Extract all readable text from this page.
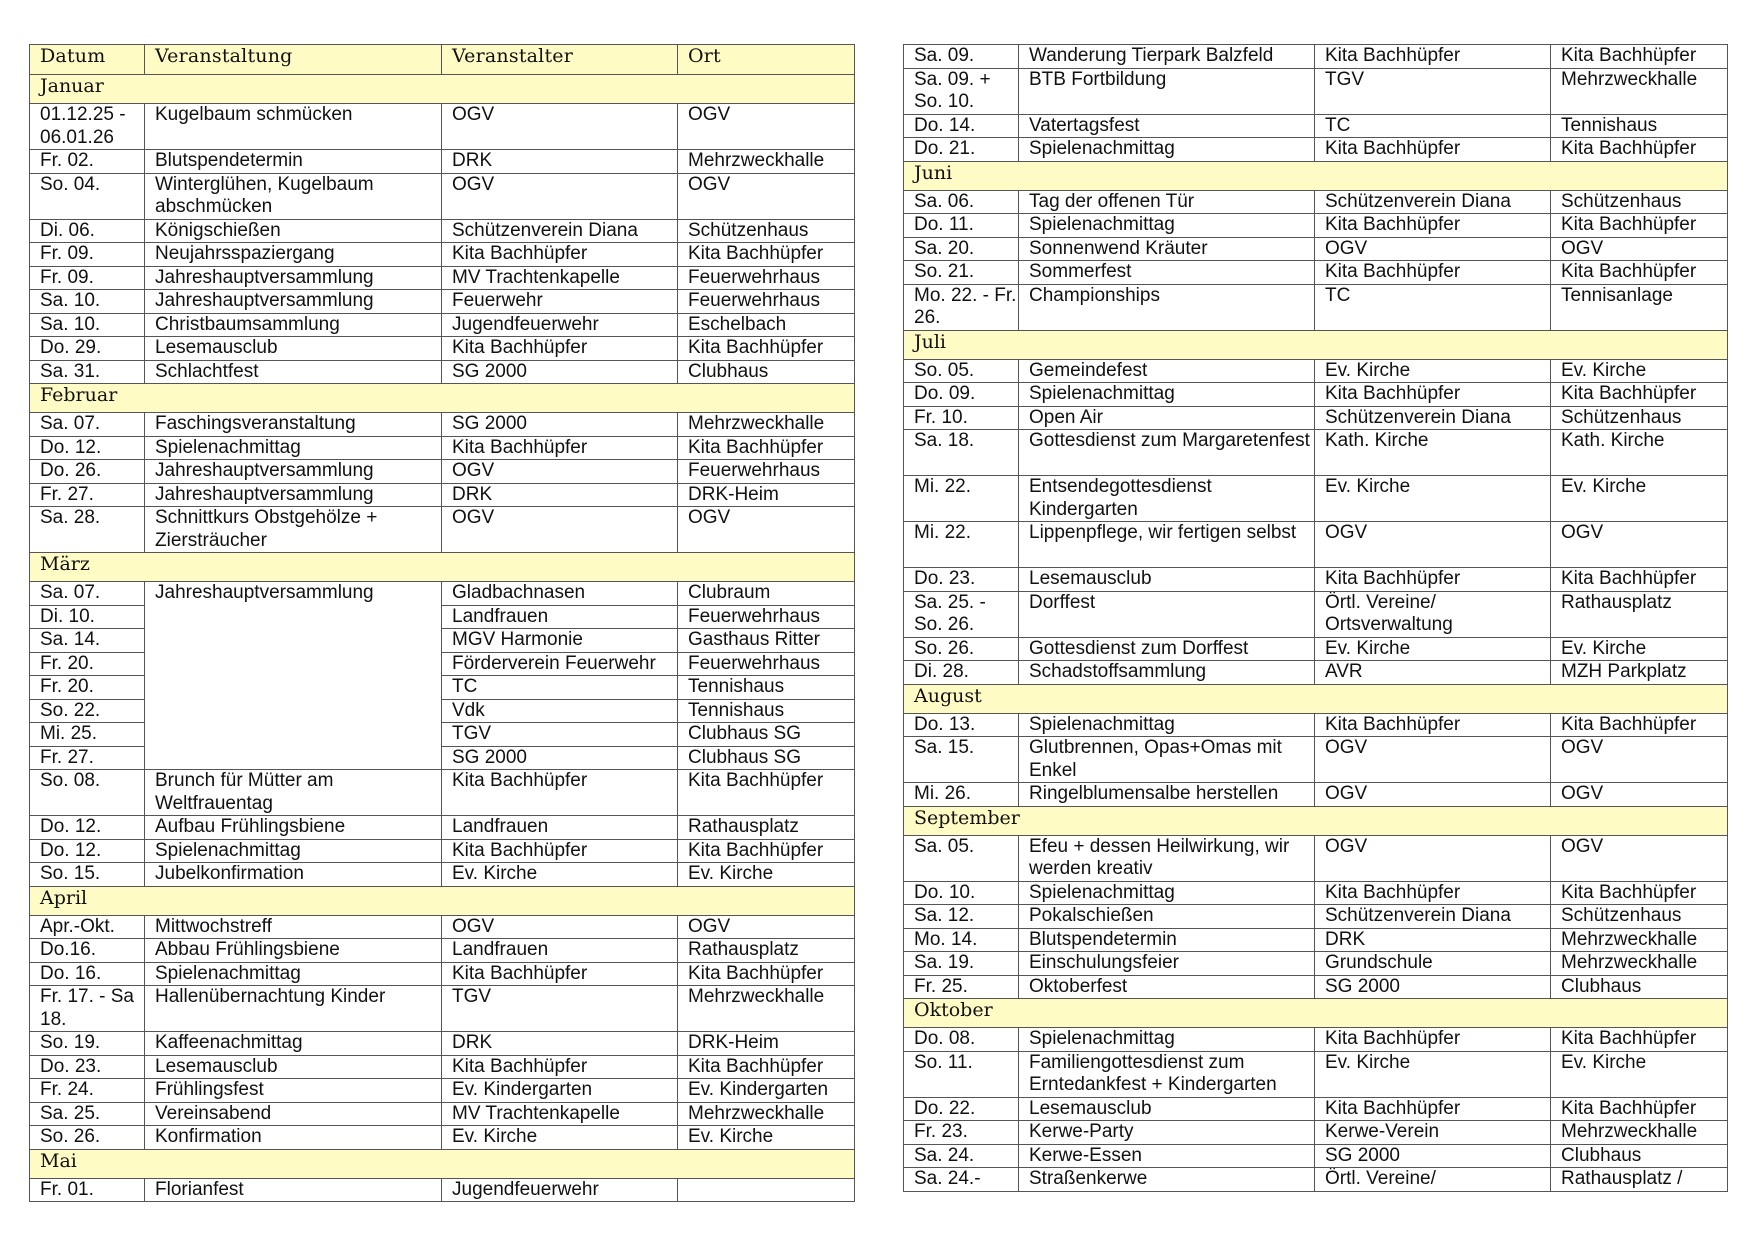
Datum	Veranstaltung	Veranstalter	Ort
Januar			
01.12.25 - 06.01.26	Kugelbaum schmücken	OGV	OGV
Fr. 02.	Blutspendetermin	DRK	Mehrzweckhalle
So. 04.	Winterglühen, Kugelbaum abschmücken	OGV	OGV
Di. 06.	Königschießen	Schützenverein Diana	Schützenhaus
Fr. 09.	Neujahrsspaziergang	Kita Bachhüpfer	Kita Bachhüpfer
Fr. 09.	Jahreshauptversammlung	MV Trachtenkapelle	Feuerwehrhaus
Sa. 10.	Jahreshauptversammlung	Feuerwehr	Feuerwehrhaus
Sa. 10.	Christbaumsammlung	Jugendfeuerwehr	Eschelbach
Do. 29.	Lesemausclub	Kita Bachhüpfer	Kita Bachhüpfer
Sa. 31.	Schlachtfest	SG 2000	Clubhaus
Februar			
Sa. 07.	Faschingsveranstaltung	SG 2000	Mehrzweckhalle
Do. 12.	Spielenachmittag	Kita Bachhüpfer	Kita Bachhüpfer
Do. 26.	Jahreshauptversammlung	OGV	Feuerwehrhaus
Fr. 27.	Jahreshauptversammlung	DRK	DRK-Heim
Sa. 28.	Schnittkurs Obstgehölze + Ziersträucher	OGV	OGV
März			
Sa. 07.	Jahreshauptversammlung	Gladbachnasen	Clubraum
Di. 10.		Landfrauen	Feuerwehrhaus
Sa. 14.		MGV Harmonie	Gasthaus Ritter
Fr. 20.		Förderverein Feuerwehr	Feuerwehrhaus
Fr. 20.		TC	Tennishaus
So. 22.		Vdk	Tennishaus
Mi. 25.		TGV	Clubhaus SG
Fr. 27.		SG 2000	Clubhaus SG
So. 08.	Brunch für Mütter am Weltfrauentag	Kita Bachhüpfer	Kita Bachhüpfer
Do. 12.	Aufbau Frühlingsbiene	Landfrauen	Rathausplatz
Do. 12.	Spielenachmittag	Kita Bachhüpfer	Kita Bachhüpfer
So. 15.	Jubelkonfirmation	Ev. Kirche	Ev. Kirche
April			
Apr.-Okt.	Mittwochstreff	OGV	OGV
Do.16.	Abbau Frühlingsbiene	Landfrauen	Rathausplatz
Do. 16.	Spielenachmittag	Kita Bachhüpfer	Kita Bachhüpfer
Fr. 17. - Sa 18.	Hallenübernachtung Kinder	TGV	Mehrzweckhalle
So. 19.	Kaffeenachmittag	DRK	DRK-Heim
Do. 23.	Lesemausclub	Kita Bachhüpfer	Kita Bachhüpfer
Fr. 24.	Frühlingsfest	Ev. Kindergarten	Ev. Kindergarten
Sa. 25.	Vereinsabend	MV Trachtenkapelle	Mehrzweckhalle
So. 26.	Konfirmation	Ev. Kirche	Ev. Kirche
Mai			
Fr. 01.	Florianfest	Jugendfeuerwehr	
Sa. 09.	Wanderung Tierpark Balzfeld	Kita Bachhüpfer	Kita Bachhüpfer
Sa. 09. + So. 10.	BTB Fortbildung	TGV	Mehrzweckhalle
Do. 14.	Vatertagsfest	TC	Tennishaus
Do. 21.	Spielenachmittag	Kita Bachhüpfer	Kita Bachhüpfer
Juni			
Sa. 06.	Tag der offenen Tür	Schützenverein Diana	Schützenhaus
Do. 11.	Spielenachmittag	Kita Bachhüpfer	Kita Bachhüpfer
Sa. 20.	Sonnenwend Kräuter	OGV	OGV
So. 21.	Sommerfest	Kita Bachhüpfer	Kita Bachhüpfer
Mo. 22. - Fr. 26.	Championships	TC	Tennisanlage
Juli			
So. 05.	Gemeindefest	Ev. Kirche	Ev. Kirche
Do. 09.	Spielenachmittag	Kita Bachhüpfer	Kita Bachhüpfer
Fr. 10.	Open Air	Schützenverein Diana	Schützenhaus
Sa. 18.	Gottesdienst zum Margaretenfest	Kath. Kirche	Kath. Kirche
Mi. 22.	Entsendegottesdienst Kindergarten	Ev. Kirche	Ev. Kirche
Mi. 22.	Lippenpflege, wir fertigen selbst	OGV	OGV
Do. 23.	Lesemausclub	Kita Bachhüpfer	Kita Bachhüpfer
Sa. 25. - So. 26.	Dorffest	Örtl. Vereine/ Ortsverwaltung	Rathausplatz
So. 26.	Gottesdienst zum Dorffest	Ev. Kirche	Ev. Kirche
Di. 28.	Schadstoffsammlung	AVR	MZH Parkplatz
August			
Do. 13.	Spielenachmittag	Kita Bachhüpfer	Kita Bachhüpfer
Sa. 15.	Glutbrennen, Opas+Omas mit Enkel	OGV	OGV
Mi. 26.	Ringelblumensalbe herstellen	OGV	OGV
September			
Sa. 05.	Efeu + dessen Heilwirkung, wir werden kreativ	OGV	OGV
Do. 10.	Spielenachmittag	Kita Bachhüpfer	Kita Bachhüpfer
Sa. 12.	Pokalschießen	Schützenverein Diana	Schützenhaus
Mo. 14.	Blutspendetermin	DRK	Mehrzweckhalle
Sa. 19.	Einschulungsfeier	Grundschule	Mehrzweckhalle
Fr. 25.	Oktoberfest	SG 2000	Clubhaus
Oktober			
Do. 08.	Spielenachmittag	Kita Bachhüpfer	Kita Bachhüpfer
So. 11.	Familiengottesdienst zum Erntedankfest + Kindergarten	Ev. Kirche	Ev. Kirche
Do. 22.	Lesemausclub	Kita Bachhüpfer	Kita Bachhüpfer
Fr. 23.	Kerwe-Party	Kerwe-Verein	Mehrzweckhalle
Sa. 24.	Kerwe-Essen	SG 2000	Clubhaus
Sa. 24.-	Straßenkerwe	Örtl. Vereine/	Rathausplatz /
